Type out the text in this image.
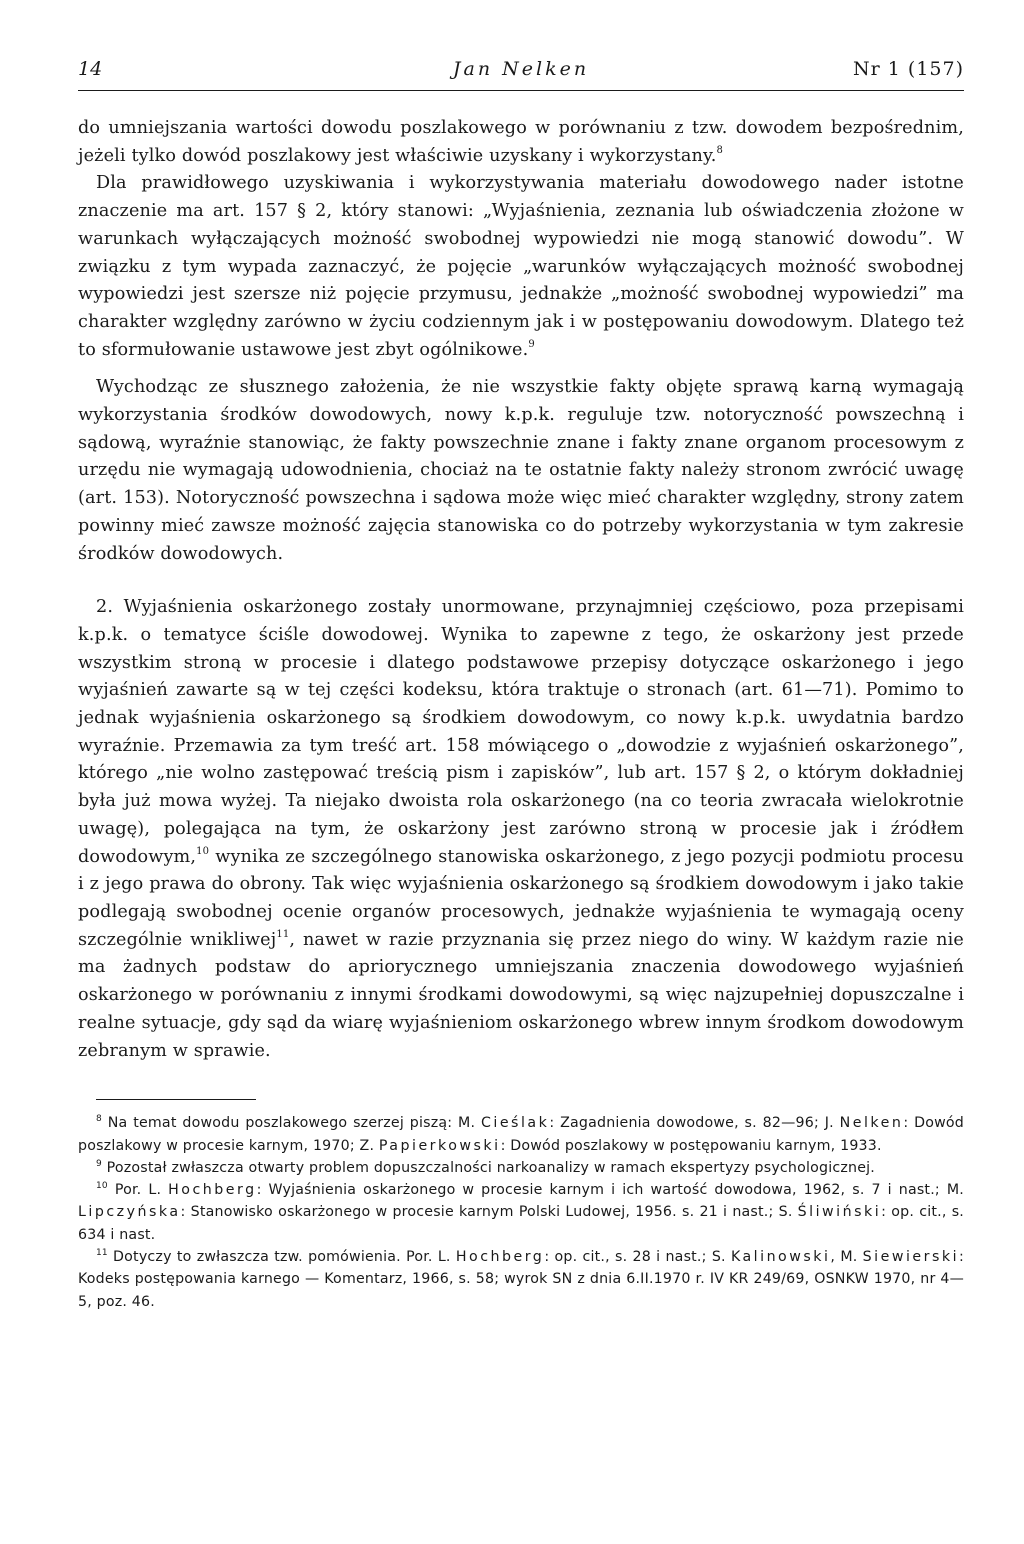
14	Jan Nelken	Nr 1 (157)

do umniejszania wartości dowodu poszlakowego w porównaniu z tzw. dowodem bezpośrednim, jeżeli tylko dowód poszlakowy jest właściwie uzyskany i wykorzystany.$^8$

Dla prawidłowego uzyskiwania i wykorzystywania materiału dowodowego nader istotne znaczenie ma art. 157 § 2, który stanowi: „Wyjaśnienia, zeznania lub oświadczenia złożone w warunkach wyłączających możność swobodnej wypowiedzi nie mogą stanowić dowodu”. W związku z tym wypada zaznaczyć, że pojęcie „warunków wyłączających możność swobodnej wypowiedzi jest szersze niż pojęcie przymusu, jednakże „możność swobodnej wypowiedzi” ma charakter względny zarówno w życiu codziennym jak i w postępowaniu dowodowym. Dlatego też to sformułowanie ustawowe jest zbyt ogólnikowe.$^9$

Wychodząc ze słusznego założenia, że nie wszystkie fakty objęte sprawą karną wymagają wykorzystania środków dowodowych, nowy k.p.k. reguluje tzw. notoryczność powszechną i sądową, wyraźnie stanowiąc, że fakty powszechnie znane i fakty znane organom procesowym z urzędu nie wymagają udowodnienia, chociaż na te ostatnie fakty należy stronom zwrócić uwagę (art. 153). Notoryczność powszechna i sądowa może więc mieć charakter względny, strony zatem powinny mieć zawsze możność zajęcia stanowiska co do potrzeby wykorzystania w tym zakresie środków dowodowych.

2. Wyjaśnienia oskarżonego zostały unormowane, przynajmniej częściowo, poza przepisami k.p.k. o tematyce ściśle dowodowej. Wynika to zapewne z tego, że oskarżony jest przede wszystkim stroną w procesie i dlatego podstawowe przepisy dotyczące oskarżonego i jego wyjaśnień zawarte są w tej części kodeksu, która traktuje o stronach (art. 61—71). Pomimo to jednak wyjaśnienia oskarżonego są środkiem dowodowym, co nowy k.p.k. uwydatnia bardzo wyraźnie. Przemawia za tym treść art. 158 mówiącego o „dowodzie z wyjaśnień oskarżonego”, którego „nie wolno zastępować treścią pism i zapisków”, lub art. 157 § 2, o którym dokładniej była już mowa wyżej. Ta niejako dwoista rola oskarżonego (na co teoria zwracała wielokrotnie uwagę), polegająca na tym, że oskarżony jest zarówno stroną w procesie jak i źródłem dowodowym,$^{10}$ wynika ze szczególnego stanowiska oskarżonego, z jego pozycji podmiotu procesu i z jego prawa do obrony. Tak więc wyjaśnienia oskarżonego są środkiem dowodowym i jako takie podlegają swobodnej ocenie organów procesowych, jednakże wyjaśnienia te wymagają oceny szczególnie wnikliwej$^{11}$, nawet w razie przyznania się przez niego do winy. W każdym razie nie ma żadnych podstaw do apriorycznego umniejszania znaczenia dowodowego wyjaśnień oskarżonego w porównaniu z innymi środkami dowodowymi, są więc najzupełniej dopuszczalne i realne sytuacje, gdy sąd da wiarę wyjaśnieniom oskarżonego wbrew innym środkom dowodowym zebranym w sprawie.

$^8$ Na temat dowodu poszlakowego szerzej piszą: M. Cieślak: Zagadnienia dowodowe, s. 82—96; J. Nelken: Dowód poszlakowy w procesie karnym, 1970; Z. Papierkowski: Dowód poszlakowy w postępowaniu karnym, 1933.

$^9$ Pozostał zwłaszcza otwarty problem dopuszczalności narkoanalizy w ramach ekspertyzy psychologicznej.

$^{10}$ Por. L. Hochberg: Wyjaśnienia oskarżonego w procesie karnym i ich wartość dowodowa, 1962, s. 7 i nast.; M. Lipczyńska: Stanowisko oskarżonego w procesie karnym Polski Ludowej, 1956. s. 21 i nast.; S. Śliwiński: op. cit., s. 634 i nast.

$^{11}$ Dotyczy to zwłaszcza tzw. pomówienia. Por. L. Hochberg: op. cit., s. 28 i nast.; S. Kalinowski, M. Siewierski: Kodeks postępowania karnego — Komentarz, 1966, s. 58; wyrok SN z dnia 6.II.1970 r. IV KR 249/69, OSNKW 1970, nr 4—5, poz. 46.
